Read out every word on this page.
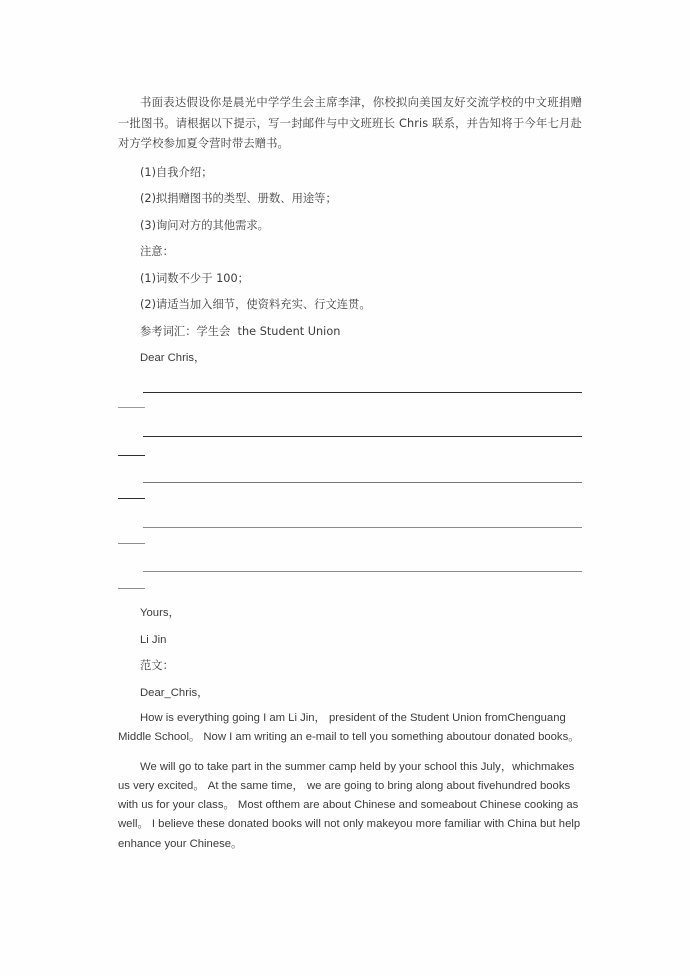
书面表达假设你是晨光中学学生会主席李津，你校拟向美国友好交流学校的中文班捐赠一批图书。请根据以下提示，写一封邮件与中文班班长 Chris 联系，并告知将于今年七月赴对方学校参加夏令营时带去赠书。

(1)自我介绍；
(2)拟捐赠图书的类型、册数、用途等；
(3)询问对方的其他需求。
注意：
(1)词数不少于 100；
(2)请适当加入细节，使资料充实、行文连贯。
参考词汇：学生会  the Student Union
Dear Chris，
Yours，
Li Jin
范文：
Dear_Chris，

How is everything going I am Li Jin， president of the Student Union fromChenguang Middle School。 Now I am writing an e-mail to tell you something aboutour donated books。

We will go to take part in the summer camp held by your school this July，whichmakes us very excited。 At the same time， we are going to bring along about fivehundred books with us for your class。 Most ofthem are about Chinese and someabout Chinese cooking as well。 I believe these donated books will not only makeyou more familiar with China but help enhance your Chinese。
